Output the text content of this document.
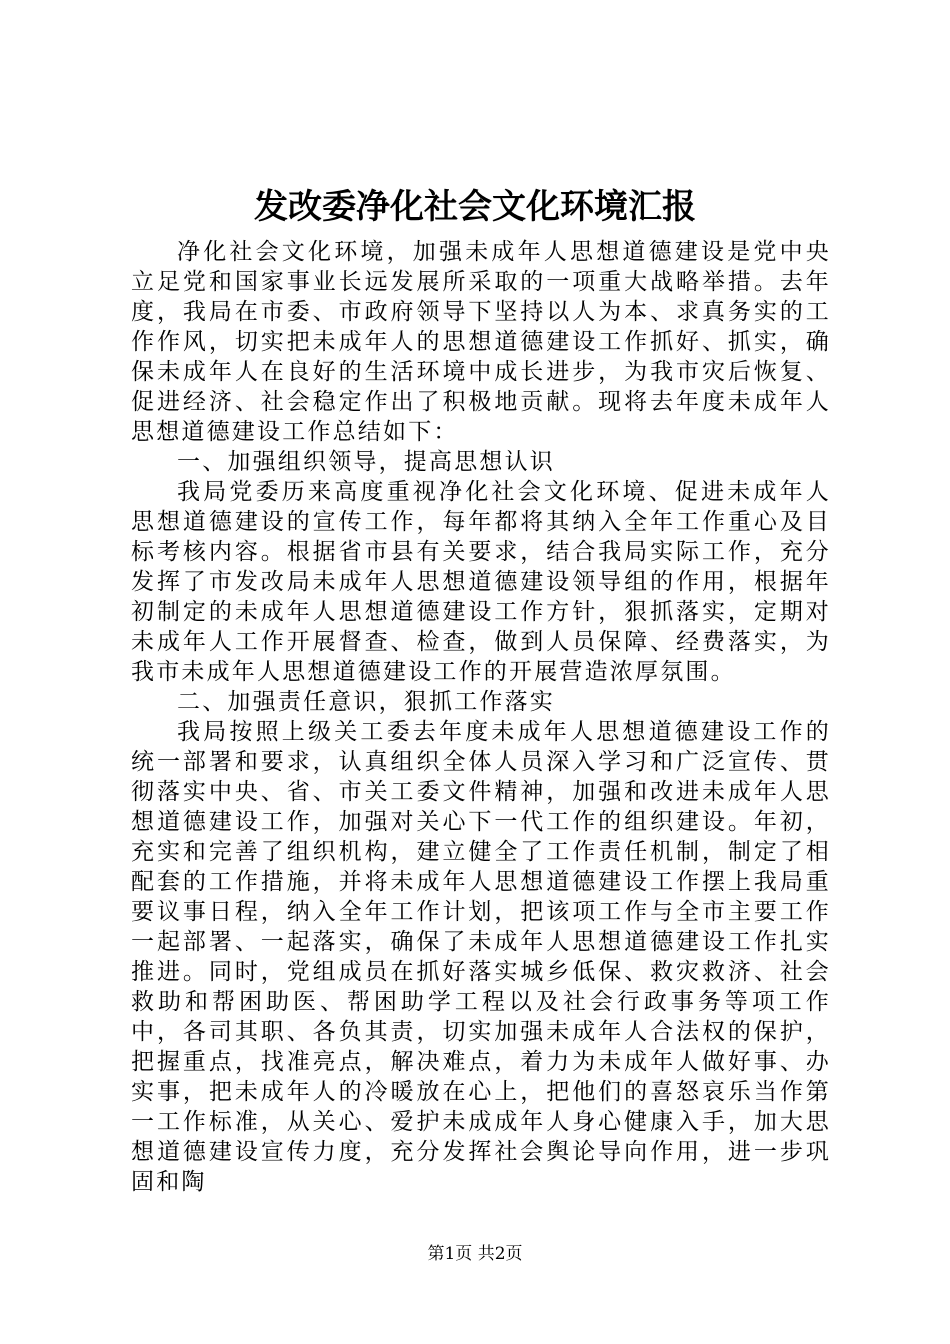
发改委净化社会文化环境汇报

净化社会文化环境，加强未成年人思想道德建设是党中央立足党和国家事业长远发展所采取的一项重大战略举措。去年度，我局在市委、市政府领导下坚持以人为本、求真务实的工作作风，切实把未成年人的思想道德建设工作抓好、抓实，确保未成年人在良好的生活环境中成长进步，为我市灾后恢复、促进经济、社会稳定作出了积极地贡献。现将去年度未成年人思想道德建设工作总结如下：

一、加强组织领导，提高思想认识

我局党委历来高度重视净化社会文化环境、促进未成年人思想道德建设的宣传工作，每年都将其纳入全年工作重心及目标考核内容。根据省市县有关要求，结合我局实际工作，充分发挥了市发改局未成年人思想道德建设领导组的作用，根据年初制定的未成年人思想道德建设工作方针，狠抓落实，定期对未成年人工作开展督查、检查，做到人员保障、经费落实，为我市未成年人思想道德建设工作的开展营造浓厚氛围。

二、加强责任意识，狠抓工作落实

我局按照上级关工委去年度未成年人思想道德建设工作的统一部署和要求，认真组织全体人员深入学习和广泛宣传、贯彻落实中央、省、市关工委文件精神，加强和改进未成年人思想道德建设工作，加强对关心下一代工作的组织建设。年初，充实和完善了组织机构，建立健全了工作责任机制，制定了相配套的工作措施，并将未成年人思想道德建设工作摆上我局重要议事日程，纳入全年工作计划，把该项工作与全市主要工作一起部署、一起落实，确保了未成年人思想道德建设工作扎实推进。同时，党组成员在抓好落实城乡低保、救灾救济、社会救助和帮困助医、帮困助学工程以及社会行政事务等项工作中，各司其职、各负其责，切实加强未成年人合法权的保护，把握重点，找准亮点，解决难点，着力为未成年人做好事、办实事，把未成年人的冷暖放在心上，把他们的喜怒哀乐当作第一工作标准，从关心、爱护未成成年人身心健康入手，加大思想道德建设宣传力度，充分发挥社会舆论导向作用，进一步巩固和陶

第1页 共2页
